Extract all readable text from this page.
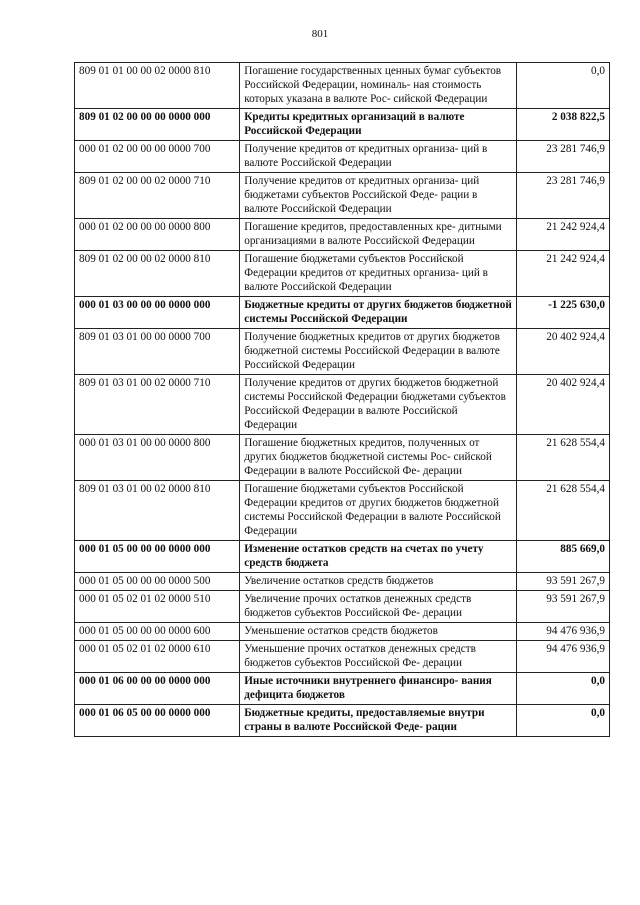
801
809 01 01 00 00 02 0000 810	Погашение государственных ценных бумаг субъектов Российской Федерации, номиналь- ная стоимость которых указана в валюте Рос- сийской Федерации	0,0
809 01 02 00 00 00 0000 000	Кредиты кредитных организаций в валюте Российской Федерации	2 038 822,5
000 01 02 00 00 00 0000 700	Получение кредитов от кредитных организа- ций в валюте Российской Федерации	23 281 746,9
809 01 02 00 00 02 0000 710	Получение кредитов от кредитных организа- ций бюджетами субъектов Российской Феде- рации в валюте Российской Федерации	23 281 746,9
000 01 02 00 00 00 0000 800	Погашение кредитов, предоставленных кре- дитными организациями в валюте Российской Федерации	21 242 924,4
809 01 02 00 00 02 0000 810	Погашение бюджетами субъектов Российской Федерации кредитов от кредитных организа- ций в валюте Российской Федерации	21 242 924,4
000 01 03 00 00 00 0000 000	Бюджетные кредиты от других бюджетов бюджетной системы Российской Федерации	-1 225 630,0
809 01 03 01 00 00 0000 700	Получение бюджетных кредитов от других бюджетов бюджетной системы Российской Федерации в валюте Российской Федерации	20 402 924,4
809 01 03 01 00 02 0000 710	Получение кредитов от других бюджетов бюджетной системы Российской Федерации бюджетами субъектов Российской Федерации в валюте Российской Федерации	20 402 924,4
000 01 03 01 00 00 0000 800	Погашение бюджетных кредитов, полученных от других бюджетов бюджетной системы Рос- сийской Федерации в валюте Российской Фе- дерации	21 628 554,4
809 01 03 01 00 02 0000 810	Погашение бюджетами субъектов Российской Федерации кредитов от других бюджетов бюджетной системы Российской Федерации в валюте Российской Федерации	21 628 554,4
000 01 05 00 00 00 0000 000	Изменение остатков средств на счетах по учету средств бюджета	885 669,0
000 01 05 00 00 00 0000 500	Увеличение остатков средств бюджетов	93 591 267,9
000 01 05 02 01 02 0000 510	Увеличение прочих остатков денежных средств бюджетов субъектов Российской Фе- дерации	93 591 267,9
000 01 05 00 00 00 0000 600	Уменьшение остатков средств бюджетов	94 476 936,9
000 01 05 02 01 02 0000 610	Уменьшение прочих остатков денежных средств бюджетов субъектов Российской Фе- дерации	94 476 936,9
000 01 06 00 00 00 0000 000	Иные источники внутреннего финансиро- вания дефицита бюджетов	0,0
000 01 06 05 00 00 0000 000	Бюджетные кредиты, предоставляемые внутри страны в валюте Российской Феде- рации	0,0
